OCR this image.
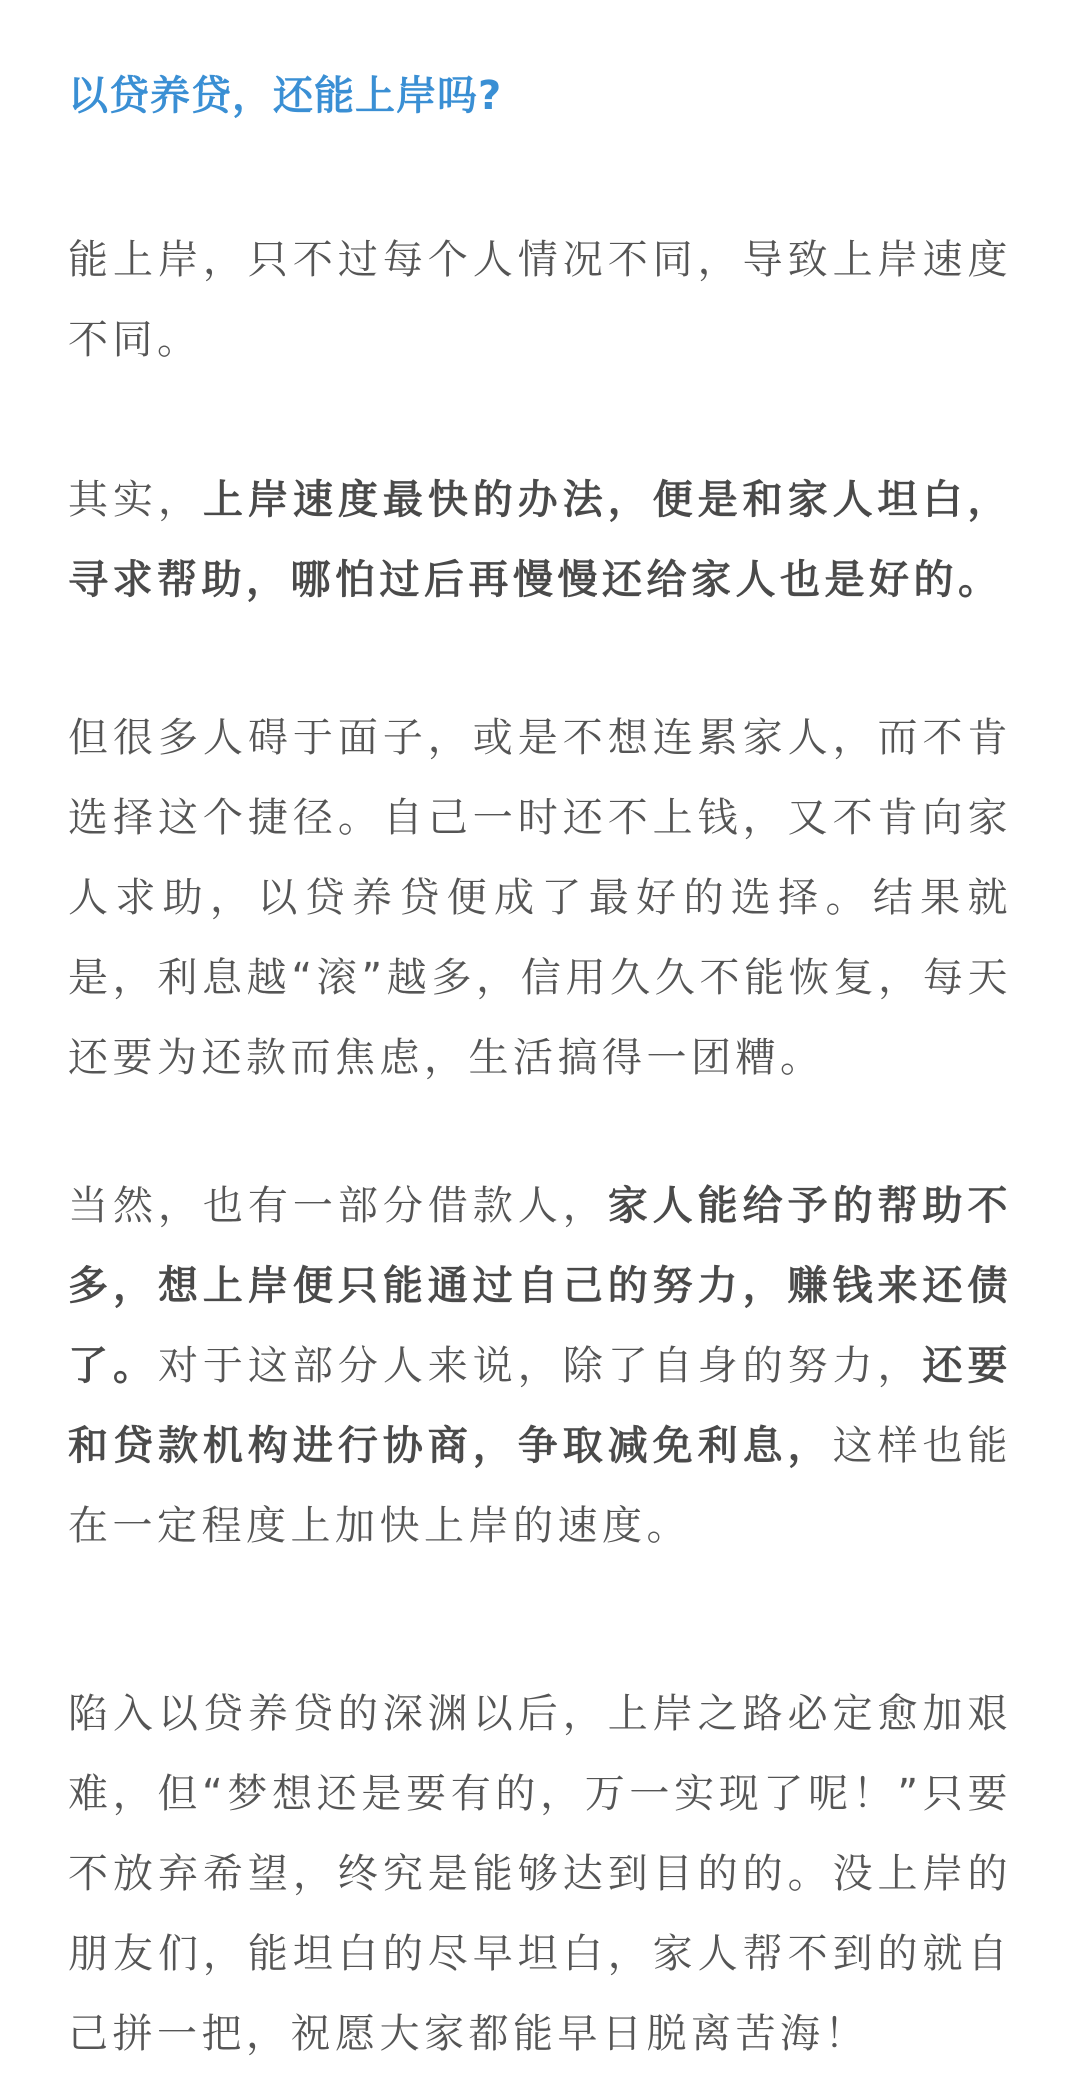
以贷养贷，还能上岸吗?

能上岸，只不过每个人情况不同，导致上岸速度不同。

其实，上岸速度最快的办法，便是和家人坦白，寻求帮助，哪怕过后再慢慢还给家人也是好的。

但很多人碍于面子，或是不想连累家人，而不肯选择这个捷径。自己一时还不上钱，又不肯向家人求助，以贷养贷便成了最好的选择。结果就是，利息越“滚”越多，信用久久不能恢复，每天还要为还款而焦虑，生活搞得一团糟。

当然，也有一部分借款人，家人能给予的帮助不多，想上岸便只能通过自己的努力，赚钱来还债了。对于这部分人来说，除了自身的努力，还要和贷款机构进行协商，争取减免利息，这样也能在一定程度上加快上岸的速度。

陷入以贷养贷的深渊以后，上岸之路必定愈加艰难，但“梦想还是要有的，万一实现了呢！”只要不放弃希望，终究是能够达到目的的。没上岸的朋友们，能坦白的尽早坦白，家人帮不到的就自己拼一把，祝愿大家都能早日脱离苦海！
